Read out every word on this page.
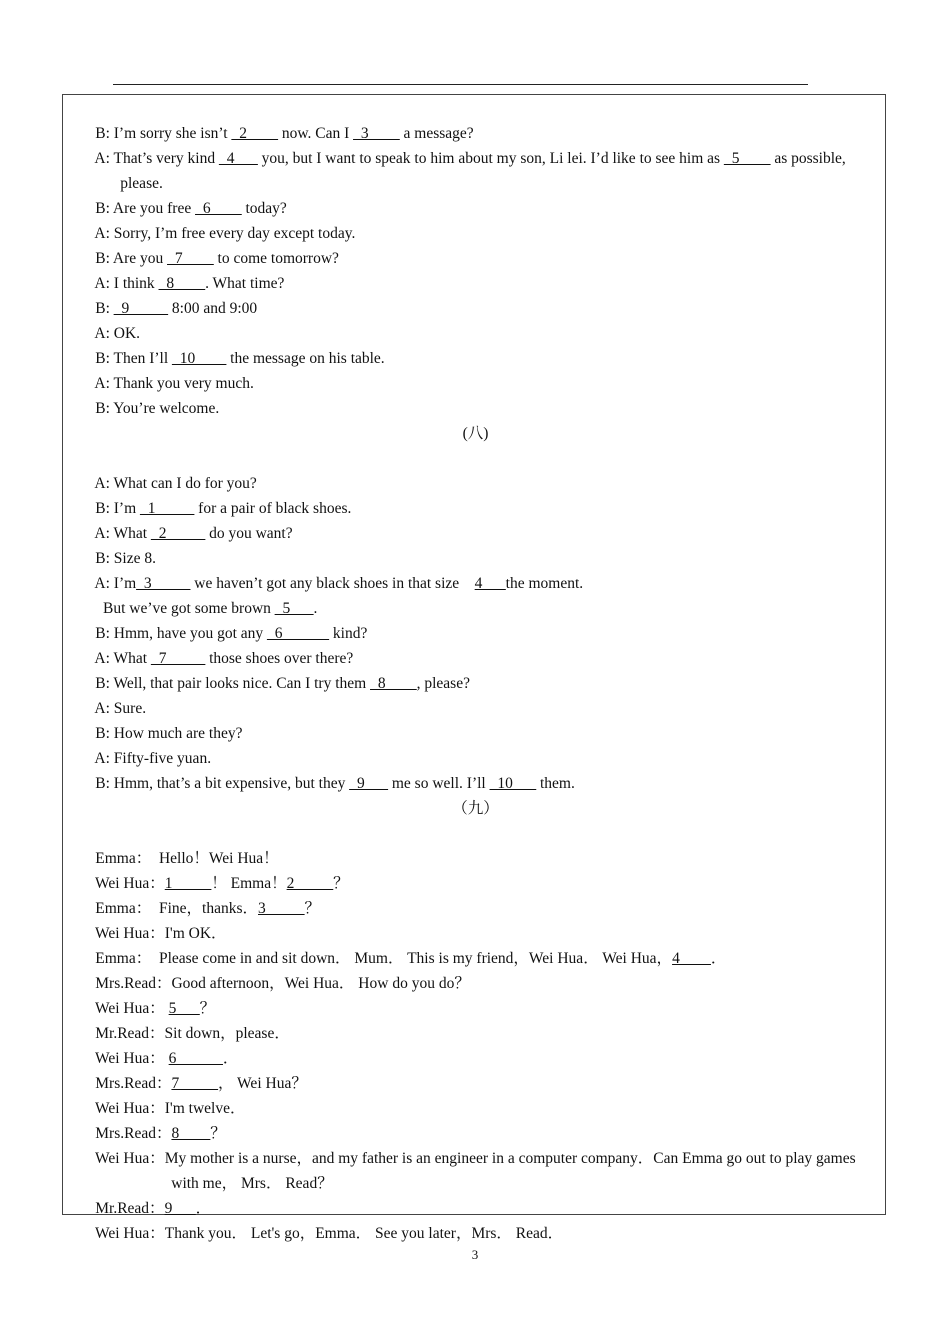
B: I’m sorry she isn’t _2____ now. Can I _3____ a message?

A: That’s very kind _4___ you, but I want to speak to him about my son, Li lei. I’d like to see him as _5____ as possible,

please.

B: Are you free _6____ today?

A: Sorry, I’m free every day except today.

B: Are you _7____ to come tomorrow?

A: I think _8____. What time?

B: _9_____ 8:00 and 9:00

A: OK.

B: Then I’ll _10____ the message on his table.

A: Thank you very much.

B: You’re welcome.

(八)

A: What can I do for you?

B: I’m _1_____ for a pair of black shoes.

A: What _2_____ do you want?

B: Size 8.

A: I’m_3_____ we haven’t got any black shoes in that size    4___the moment.

But we’ve got some brown _5___.

B: Hmm, have you got any _6______ kind?

A: What _7_____ those shoes over there?

B: Well, that pair looks nice. Can I try them _8____, please?

A: Sure.

B: How much are they?

A: Fifty-five yuan.

B: Hmm, that’s a bit expensive, but they _9___ me so well. I’ll _10___ them.

（九）

Emma：  Hello！Wei Hua！

Wei Hua：1_____！ Emma！2_____？

Emma：  Fine，thanks．3_____？

Wei Hua：I'm OK．

Emma：  Please come in and sit down． Mum． This is my friend，Wei Hua． Wei Hua，4____．

Mrs.Read：Good afternoon，Wei Hua． How do you do？

Wei Hua： 5___？

Mr.Read：Sit down，please．

Wei Hua： 6______．

Mrs.Read：7_____， Wei Hua？

Wei Hua：I'm twelve．

Mrs.Read：8____？

Wei Hua：My mother is a nurse，and my father is an engineer in a computer company．Can Emma go out to play games

with me， Mrs． Read？

Mr.Read：9___．

Wei Hua：Thank you． Let's go，Emma． See you later，Mrs． Read．

3
